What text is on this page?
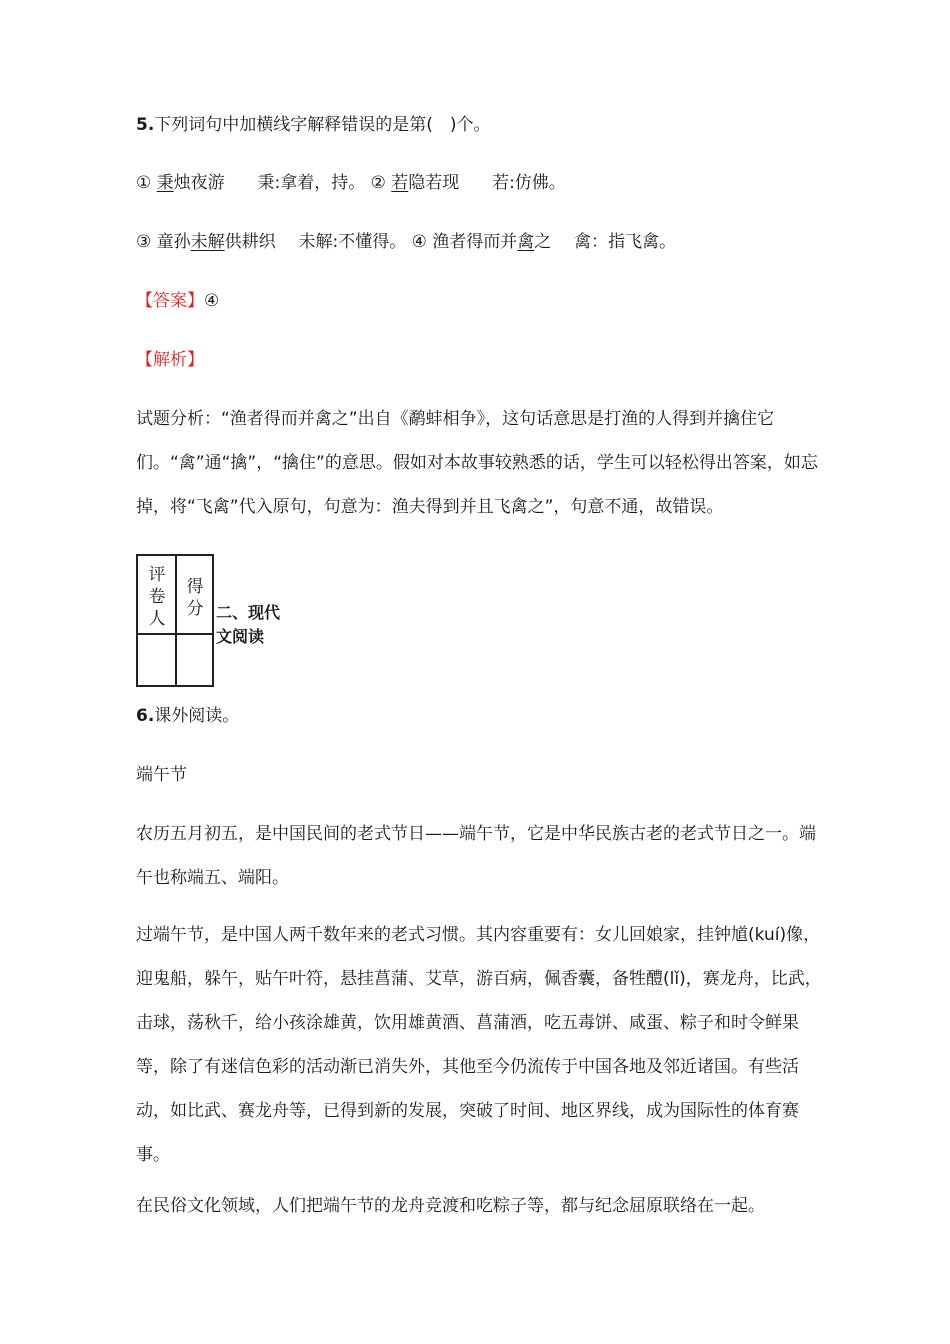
5.下列词句中加横线字解释错误的是第(　)个。
① 秉烛夜游 秉:拿着，持。 ② 若隐若现 若:仿佛。
③ 童孙未解供耕织 未解:不懂得。 ④ 渔者得而并禽之 禽：指飞禽。
【答案】④
【解析】
试题分析：“渔者得而并禽之”出自《鹬蚌相争》，这句话意思是打渔的人得到并擒住它
们。“禽”通“擒”，“擒住”的意思。假如对本故事较熟悉的话，学生可以轻松得出答案，如忘
掉，将“飞禽”代入原句，句意为：渔夫得到并且飞禽之”，句意不通，故错误。
评
卷
人
得
分 二、现代
文阅读
6.课外阅读。
端午节
农历五月初五，是中国民间的老式节日——端午节，它是中华民族古老的老式节日之一。端
午也称端五、端阳。
过端午节，是中国人两千数年来的老式习惯。其内容重要有：女儿回娘家，挂钟馗(kuí)像，
迎鬼船，躲午，贴午叶符，悬挂菖蒲、艾草，游百病，佩香囊，备牲醴(lǐ)，赛龙舟，比武，
击球，荡秋千，给小孩涂雄黄，饮用雄黄酒、菖蒲酒，吃五毒饼、咸蛋、粽子和时令鲜果
等，除了有迷信色彩的活动渐已消失外，其他至今仍流传于中国各地及邻近诸国。有些活
动，如比武、赛龙舟等，已得到新的发展，突破了时间、地区界线，成为国际性的体育赛
事。
在民俗文化领域，人们把端午节的龙舟竞渡和吃粽子等，都与纪念屈原联络在一起。
